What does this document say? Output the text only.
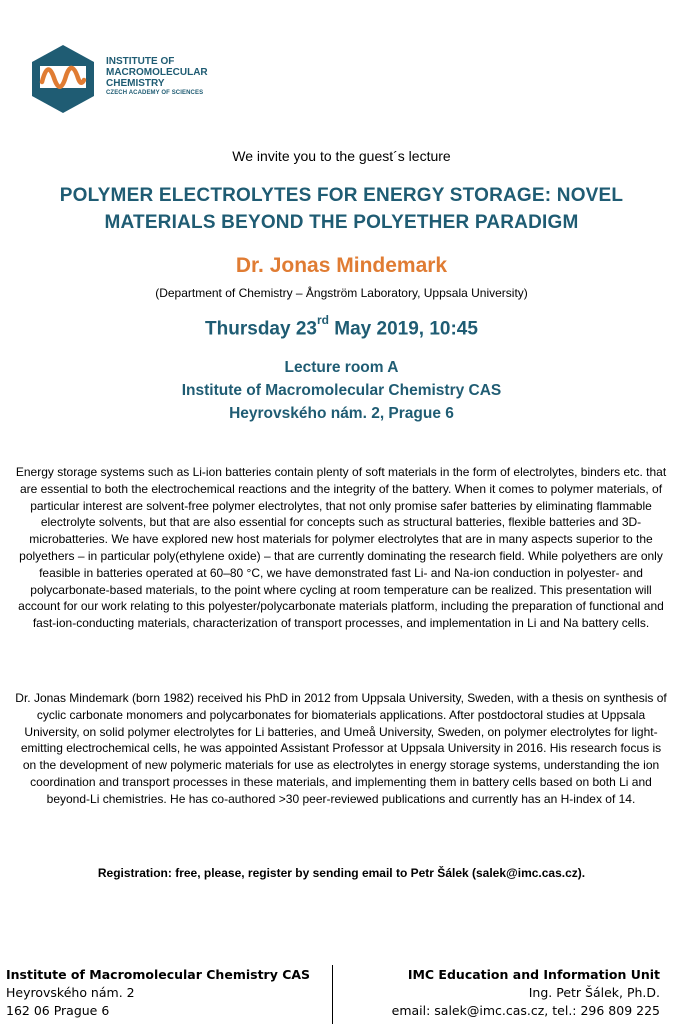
INSTITUTE OF
MACROMOLECULAR
CHEMISTRY
CZECH ACADEMY OF SCIENCES
We invite you to the guest´s lecture
POLYMER ELECTROLYTES FOR ENERGY STORAGE: NOVEL
MATERIALS BEYOND THE POLYETHER PARADIGM
Dr. Jonas Mindemark
(Department of Chemistry – Ångström Laboratory, Uppsala University)
Thursday 23rd May 2019, 10:45
Lecture room A
Institute of Macromolecular Chemistry CAS
Heyrovského nám. 2, Prague 6
Energy storage systems such as Li-ion batteries contain plenty of soft materials in the form of electrolytes, binders etc. that are essential to both the electrochemical reactions and the integrity of the battery. When it comes to polymer materials, of particular interest are solvent-free polymer electrolytes, that not only promise safer batteries by eliminating flammable electrolyte solvents, but that are also essential for concepts such as structural batteries, flexible batteries and 3D-microbatteries. We have explored new host materials for polymer electrolytes that are in many aspects superior to the polyethers – in particular poly(ethylene oxide) – that are currently dominating the research field. While polyethers are only feasible in batteries operated at 60–80 °C, we have demonstrated fast Li- and Na-ion conduction in polyester- and polycarbonate-based materials, to the point where cycling at room temperature can be realized. This presentation will account for our work relating to this polyester/polycarbonate materials platform, including the preparation of functional and fast-ion-conducting materials, characterization of transport processes, and implementation in Li and Na battery cells.
Dr. Jonas Mindemark (born 1982) received his PhD in 2012 from Uppsala University, Sweden, with a thesis on synthesis of cyclic carbonate monomers and polycarbonates for biomaterials applications. After postdoctoral studies at Uppsala University, on solid polymer electrolytes for Li batteries, and Umeå University, Sweden, on polymer electrolytes for light-emitting electrochemical cells, he was appointed Assistant Professor at Uppsala University in 2016. His research focus is on the development of new polymeric materials for use as electrolytes in energy storage systems, understanding the ion coordination and transport processes in these materials, and implementing them in battery cells based on both Li and beyond-Li chemistries. He has co-authored >30 peer-reviewed publications and currently has an H-index of 14.
Registration: free, please, register by sending email to Petr Šálek (salek@imc.cas.cz).
Institute of Macromolecular Chemistry CAS
Heyrovského nám. 2
162 06 Prague 6
IMC Education and Information Unit
Ing. Petr Šálek, Ph.D.
email: salek@imc.cas.cz, tel.: 296 809 225
